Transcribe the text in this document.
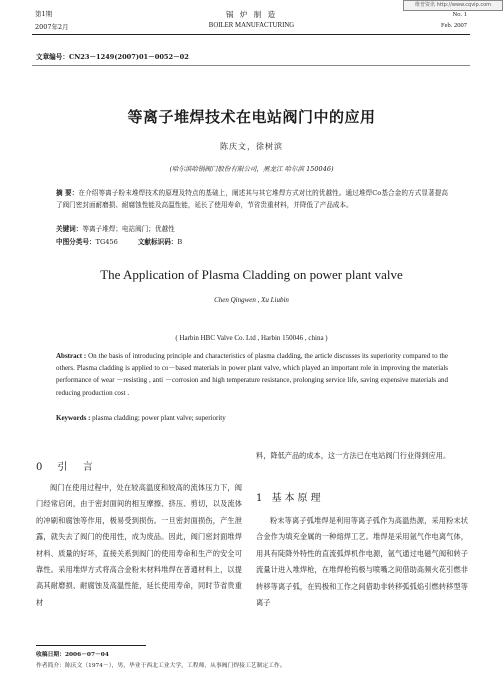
维普资讯 http://www.cqvip.com
第1期
2007年2月
锅 炉 制 造
BOILER MANUFACTURING
No. 1
Feb. 2007
文章编号：CN23－1249(2007)01－0052－02
等离子堆焊技术在电站阀门中的应用
陈庆文，徐树滨
(哈尔滨哈锅阀门股份有限公司，黑龙江 哈尔滨 150046)
摘 要：在介绍等离子粉末堆焊技术的原理及特点的基础上，阐述其与其它堆焊方式对比的优越性。通过堆焊Co基合金的方式显著提高了阀门密封面耐磨损、耐腐蚀性能及高温性能，延长了使用寿命，节省贵重材料，并降低了产品成本。
关键词：等离子堆焊；电站阀门；优越性
中图分类号：TG456	文献标识码：B
The Application of Plasma Cladding on power plant valve
Chen Qingwen , Xu Liubin
( Harbin HBC Valve Co. Ltd , Harbin 150046 , china )
Abstract : On the basis of introducing principle and characteristics of plasma cladding, the article discusses its superiority compared to the others. Plasma cladding is applied to co－based materials in power plant valve, which played an important role in improving the materials performance of wear －resisting , anti －corrosion and high temperature resistance, prolonging service life, saving expensive materials and reducing production cost .
Keywords : plasma cladding; power plant valve; superiority
0 引 言
阀门在使用过程中，处在较高温度和较高的流体压力下，阀门经常启闭，由于密封面间的相互摩擦、挤压、剪切，以及流体的冲刷和腐蚀等作用，极易受到损伤。一旦密封面损伤，产生泄露，就失去了阀门的使用性，成为废品。因此，阀门密封面堆焊材料、质量的好坏，直接关系到阀门的使用寿命和生产的安全可靠性。采用堆焊方式将高合金粉末材料堆焊在普通材料上，以提高其耐磨损、耐腐蚀及高温性能，延长使用寿命，同时节省贵重材
料，降低产品的成本，这一方法已在电站阀门行业得到应用。
1 基本原理
粉末等离子弧堆焊是利用等离子弧作为高温热源，采用粉末状合金作为填充金属的一种熔焊工艺。堆焊是采用氩气作电离气体，用具有陡降外特性的直流弧焊机作电源，氩气通过电磁气阀和转子流量计进入堆焊枪，在堆焊枪钨极与喷嘴之间借助高频火花引燃非转移等离子弧，在钨极和工作之间借助非转移弧弧焰引燃转移型等离子
收稿日期：2006－07－04
作者简介：陈庆文（1974－），男，毕业于西北工业大学，工程师，从事阀门焊接工艺制定工作。
